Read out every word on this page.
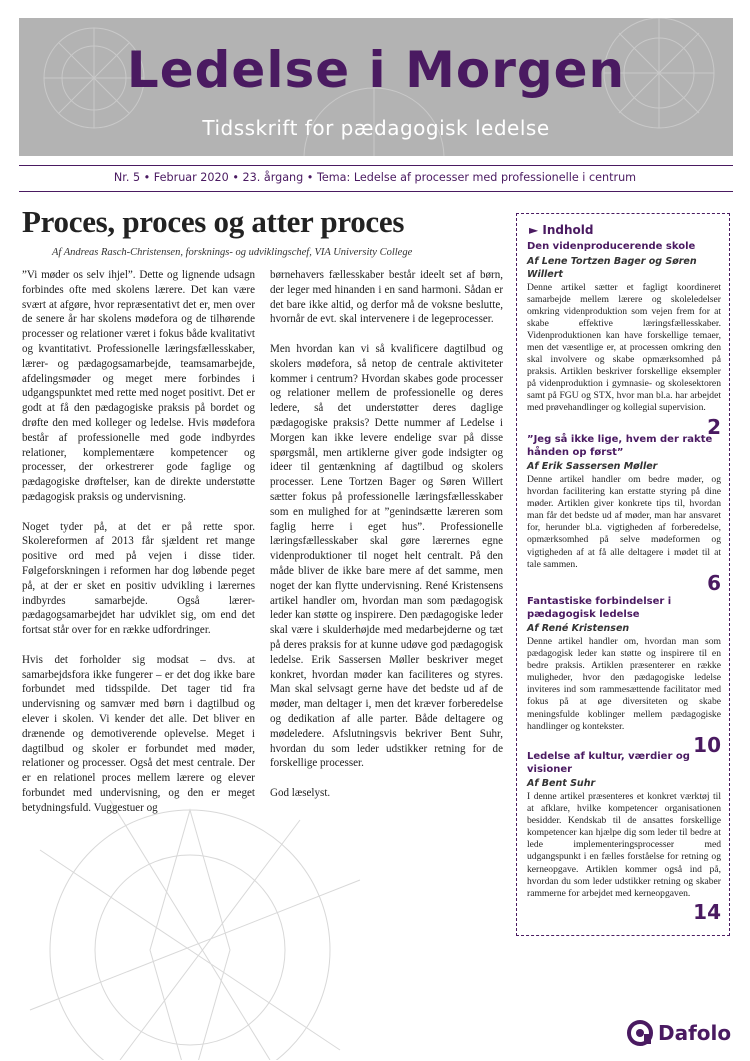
Ledelse i Morgen
Tidsskrift for pædagogisk ledelse
Nr. 5 • Februar 2020 • 23. årgang • Tema: Ledelse af processer med professionelle i centrum
Proces, proces og atter proces
Af Andreas Rasch-Christensen, forsknings- og udviklingschef, VIA University College

”Vi møder os selv ihjel”. Dette og lignende udsagn forbindes ofte med skolens lærere. Det kan være svært at afgøre, hvor repræsentativt det er, men over de senere år har skolens mødefora og de tilhørende processer og relationer været i fokus både kvalitativt og kvantitativt. Professionelle læringsfællesskaber, lærer- og pædagogsamarbejde, teamsamarbejde, afdelingsmøder og meget mere forbindes i udgangspunktet med rette med noget positivt. Det er godt at få den pædagogiske praksis på bordet og drøfte den med kolleger og ledelse. Hvis mødefora består af professionelle med gode indbyrdes relationer, komplementære kompetencer og processer, der orkestrerer gode faglige og pædagogiske drøftelser, kan de direkte understøtte pædagogisk praksis og undervisning.

Noget tyder på, at det er på rette spor. Skolereformen af 2013 får sjældent ret mange positive ord med på vejen i disse tider. Følgeforskningen i reformen har dog løbende peget på, at der er sket en positiv udvikling i lærernes indbyrdes samarbejde. Også lærer-pædagogsamarbejdet har udviklet sig, om end det fortsat står over for en række udfordringer.

Hvis det forholder sig modsat – dvs. at samarbejdsfora ikke fungerer – er det dog ikke bare forbundet med tidsspilde. Det tager tid fra undervisning og samvær med børn i dagtilbud og elever i skolen. Vi kender det alle. Det bliver en drænende og demotiverende oplevelse. Meget i dagtilbud og skoler er forbundet med møder, relationer og processer. Også det mest centrale. Der er en relationel proces mellem lærere og elever forbundet med undervisning, og den er meget betydningsfuld. Vuggestuer og

børnehavers fællesskaber består ideelt set af børn, der leger med hinanden i en sand harmoni. Sådan er det bare ikke altid, og derfor må de voksne beslutte, hvornår de evt. skal intervenere i de legeprocesser.

Men hvordan kan vi så kvalificere dagtilbud og skolers mødefora, så netop de centrale aktiviteter kommer i centrum? Hvordan skabes gode processer og relationer mellem de professionelle og deres ledere, så det understøtter deres daglige pædagogiske praksis? Dette nummer af Ledelse i Morgen kan ikke levere endelige svar på disse spørgsmål, men artiklerne giver gode indsigter og ideer til gentænkning af dagtilbud og skolers processer. Lene Tortzen Bager og Søren Willert sætter fokus på professionelle læringsfællesskaber som en mulighed for at ”genindsætte læreren som faglig herre i eget hus”. Professionelle læringsfællesskaber skal gøre lærernes egne videnproduktioner til noget helt centralt. På den måde bliver de ikke bare mere af det samme, men noget der kan flytte undervisning. René Kristensens artikel handler om, hvordan man som pædagogisk leder kan støtte og inspirere. Den pædagogiske leder skal være i skulderhøjde med medarbejderne og tæt på deres praksis for at kunne udøve god pædagogisk ledelse. Erik Sassersen Møller beskriver meget konkret, hvordan møder kan faciliteres og styres. Man skal selvsagt gerne have det bedste ud af de møder, man deltager i, men det kræver forberedelse og dedikation af alle parter. Både deltagere og mødeledere. Afslutningsvis bekriver Bent Suhr, hvordan du som leder udstikker retning for de forskellige processer.

God læselyst.

► Indhold
Den videnproducerende skole
Af Lene Tortzen Bager og Søren Willert
Denne artikel sætter et fagligt koordineret samarbejde mellem lærere og skoleledelser omkring videnproduktion som vejen frem for at skabe effektive læringsfællesskaber. Videnproduktionen kan have forskellige temaer, men det væsentlige er, at processen omkring den skal involvere og skabe opmærksomhed på praksis. Artiklen beskriver forskellige eksempler på videnproduktion i gymnasie- og skolesektoren samt på FGU og STX, hvor man bl.a. har arbejdet med prøvehandlinger og kollegial supervision.
2
”Jeg så ikke lige, hvem der rakte hånden op først”
Af Erik Sassersen Møller
Denne artikel handler om bedre møder, og hvordan facilitering kan erstatte styring på dine møder. Artiklen giver konkrete tips til, hvordan man får det bedste ud af møder, man har ansvaret for, herunder bl.a. vigtigheden af forberedelse, opmærksomhed på selve mødeformen og vigtigheden af at få alle deltagere i mødet til at tale sammen.
6
Fantastiske forbindelser i pædagogisk ledelse
Af René Kristensen
Denne artikel handler om, hvordan man som pædagogisk leder kan støtte og inspirere til en bedre praksis. Artiklen præsenterer en række muligheder, hvor den pædagogiske ledelse inviteres ind som rammesættende facilitator med fokus på at øge diversiteten og skabe meningsfulde koblinger mellem pædagogiske handlinger og kontekster.
10
Ledelse af kultur, værdier og visioner
Af Bent Suhr
I denne artikel præsenteres et konkret værktøj til at afklare, hvilke kompetencer organisationen besidder. Kendskab til de ansattes forskellige kompetencer kan hjælpe dig som leder til bedre at lede implementeringsprocesser med udgangspunkt i en fælles forståelse for retning og kerneopgave. Artiklen kommer også ind på, hvordan du som leder udstikker retning og skaber rammerne for arbejdet med kerneopgaven.
14
Dafolo
